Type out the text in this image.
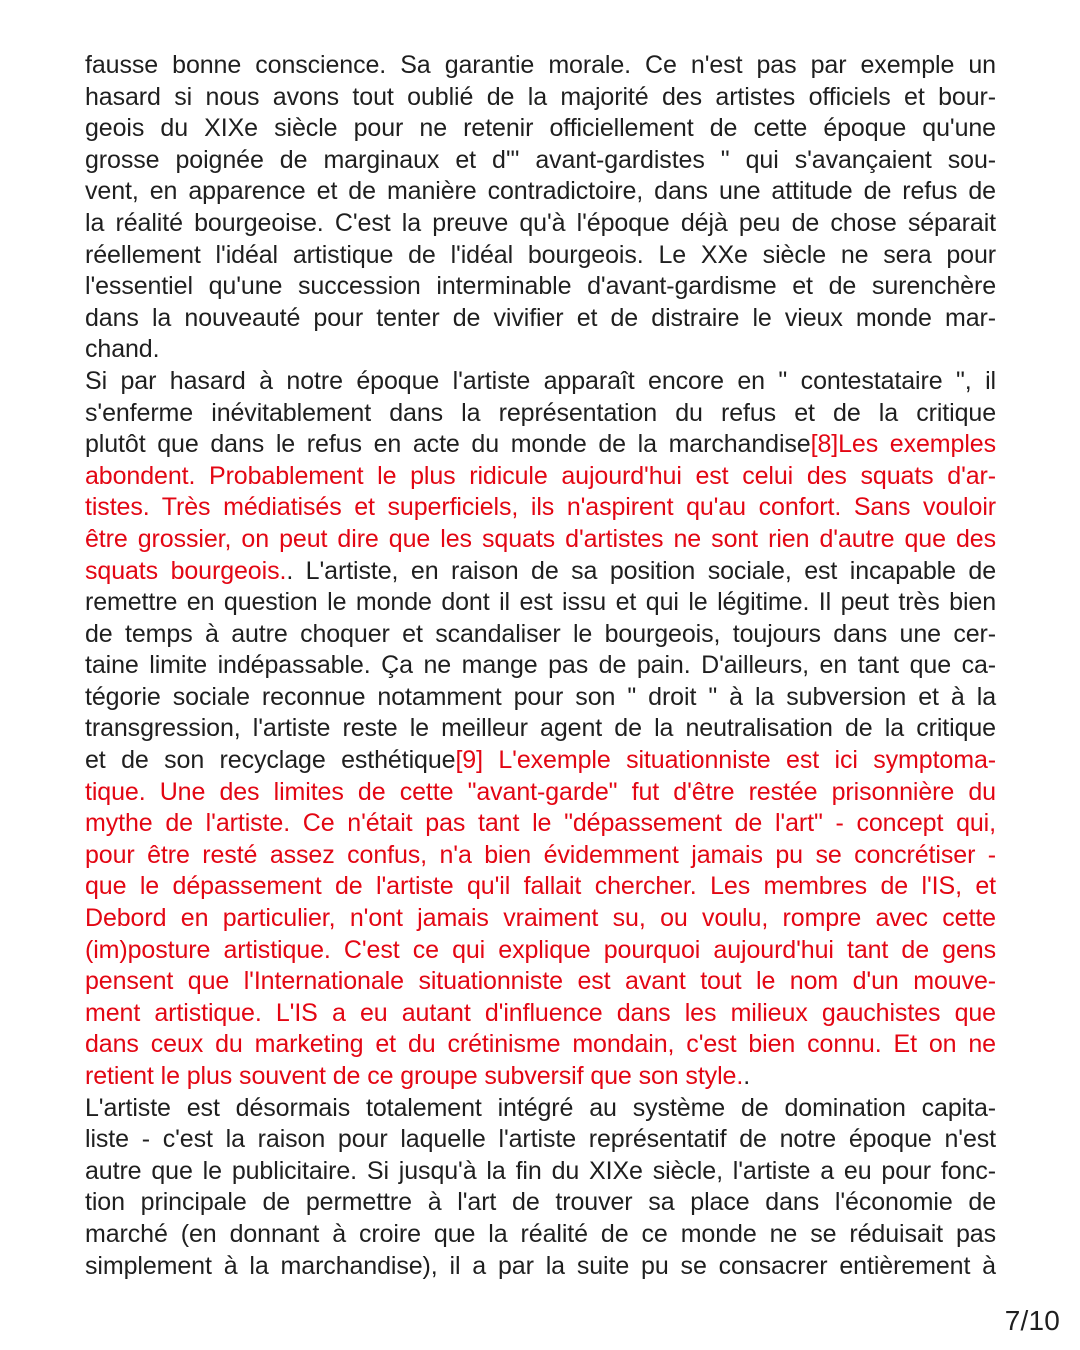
fausse bonne conscience. Sa garantie morale. Ce n'est pas par exemple un
hasard si nous avons tout oublié de la majorité des artistes officiels et bour-
geois du XIXe siècle pour ne retenir officiellement de cette époque qu'une
grosse poignée de marginaux et d'" avant-gardistes " qui s'avançaient sou-
vent, en apparence et de manière contradictoire, dans une attitude de refus de
la réalité bourgeoise. C'est la preuve qu'à l'époque déjà peu de chose séparait
réellement l'idéal artistique de l'idéal bourgeois. Le XXe siècle ne sera pour
l'essentiel qu'une succession interminable d'avant-gardisme et de surenchère
dans la nouveauté pour tenter de vivifier et de distraire le vieux monde mar-
chand.
Si par hasard à notre époque l'artiste apparaît encore en " contestataire ", il
s'enferme inévitablement dans la représentation du refus et de la critique
plutôt que dans le refus en acte du monde de la marchandise[8]Les exemples
abondent. Probablement le plus ridicule aujourd'hui est celui des squats d'ar-
tistes. Très médiatisés et superficiels, ils n'aspirent qu'au confort. Sans vouloir
être grossier, on peut dire que les squats d'artistes ne sont rien d'autre que des
squats bourgeois.. L'artiste, en raison de sa position sociale, est incapable de
remettre en question le monde dont il est issu et qui le légitime. Il peut très bien
de temps à autre choquer et scandaliser le bourgeois, toujours dans une cer-
taine limite indépassable. Ça ne mange pas de pain. D'ailleurs, en tant que ca-
tégorie sociale reconnue notamment pour son " droit " à la subversion et à la
transgression, l'artiste reste le meilleur agent de la neutralisation de la critique
et de son recyclage esthétique[9] L'exemple situationniste est ici symptoma-
tique. Une des limites de cette "avant-garde" fut d'être restée prisonnière du
mythe de l'artiste. Ce n'était pas tant le "dépassement de l'art" - concept qui,
pour être resté assez confus, n'a bien évidemment jamais pu se concrétiser -
que le dépassement de l'artiste qu'il fallait chercher. Les membres de l'IS, et
Debord en particulier, n'ont jamais vraiment su, ou voulu, rompre avec cette
(im)posture artistique. C'est ce qui explique pourquoi aujourd'hui tant de gens
pensent que l'Internationale situationniste est avant tout le nom d'un mouve-
ment artistique. L'IS a eu autant d'influence dans les milieux gauchistes que
dans ceux du marketing et du crétinisme mondain, c'est bien connu. Et on ne
retient le plus souvent de ce groupe subversif que son style..
L'artiste est désormais totalement intégré au système de domination capita-
liste - c'est la raison pour laquelle l'artiste représentatif de notre époque n'est
autre que le publicitaire. Si jusqu'à la fin du XIXe siècle, l'artiste a eu pour fonc-
tion principale de permettre à l'art de trouver sa place dans l'économie de
marché (en donnant à croire que la réalité de ce monde ne se réduisait pas
simplement à la marchandise), il a par la suite pu se consacrer entièrement à
7/10
